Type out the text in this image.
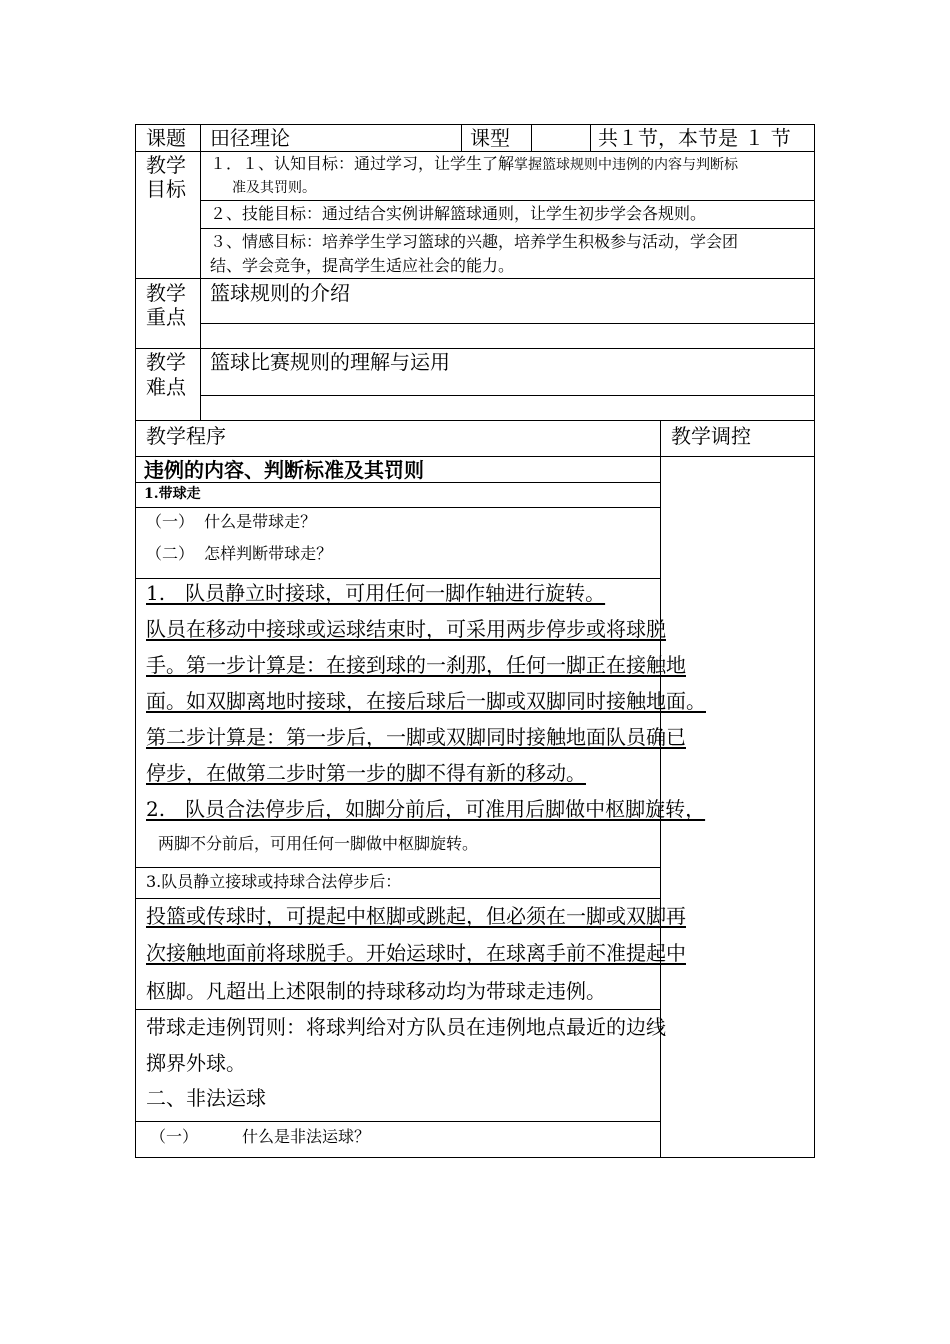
课题 田径理论	课型	共１节，本节是 １ 节
教学
目标
１．１、认知目标：通过学习，让学生了解掌握篮球规则中违例的内容与判断标
准及其罚则。
２、技能目标：通过结合实例讲解篮球通则，让学生初步学会各规则。
３、情感目标：培养学生学习篮球的兴趣，培养学生积极参与活动，学会团
结、学会竞争，提高学生适应社会的能力。
教学
重点
篮球规则的介绍
教学
难点
篮球比赛规则的理解与运用
教学程序	教学调控
违例的内容、判断标准及其罚则
1.带球走
（一）  什么是带球走？
（二）  怎样判断带球走？
1.　队员静立时接球，可用任何一脚作轴进行旋转。
队员在移动中接球或运球结束时，可采用两步停步或将球脱
手。第一步计算是：在接到球的一刹那，任何一脚正在接触地
面。如双脚离地时接球，在接后球后一脚或双脚同时接触地面。
第二步计算是：第一步后，一脚或双脚同时接触地面队员确已
停步，在做第二步时第一步的脚不得有新的移动。
2.　队员合法停步后，如脚分前后，可准用后脚做中枢脚旋转，
两脚不分前后，可用任何一脚做中枢脚旋转。
3.队员静立接球或持球合法停步后：
投篮或传球时，可提起中枢脚或跳起，但必须在一脚或双脚再
次接触地面前将球脱手。开始运球时，在球离手前不准提起中
枢脚。凡超出上述限制的持球移动均为带球走违例。
带球走违例罚则：将球判给对方队员在违例地点最近的边线
掷界外球。
二、非法运球
（一）	什么是非法运球？
